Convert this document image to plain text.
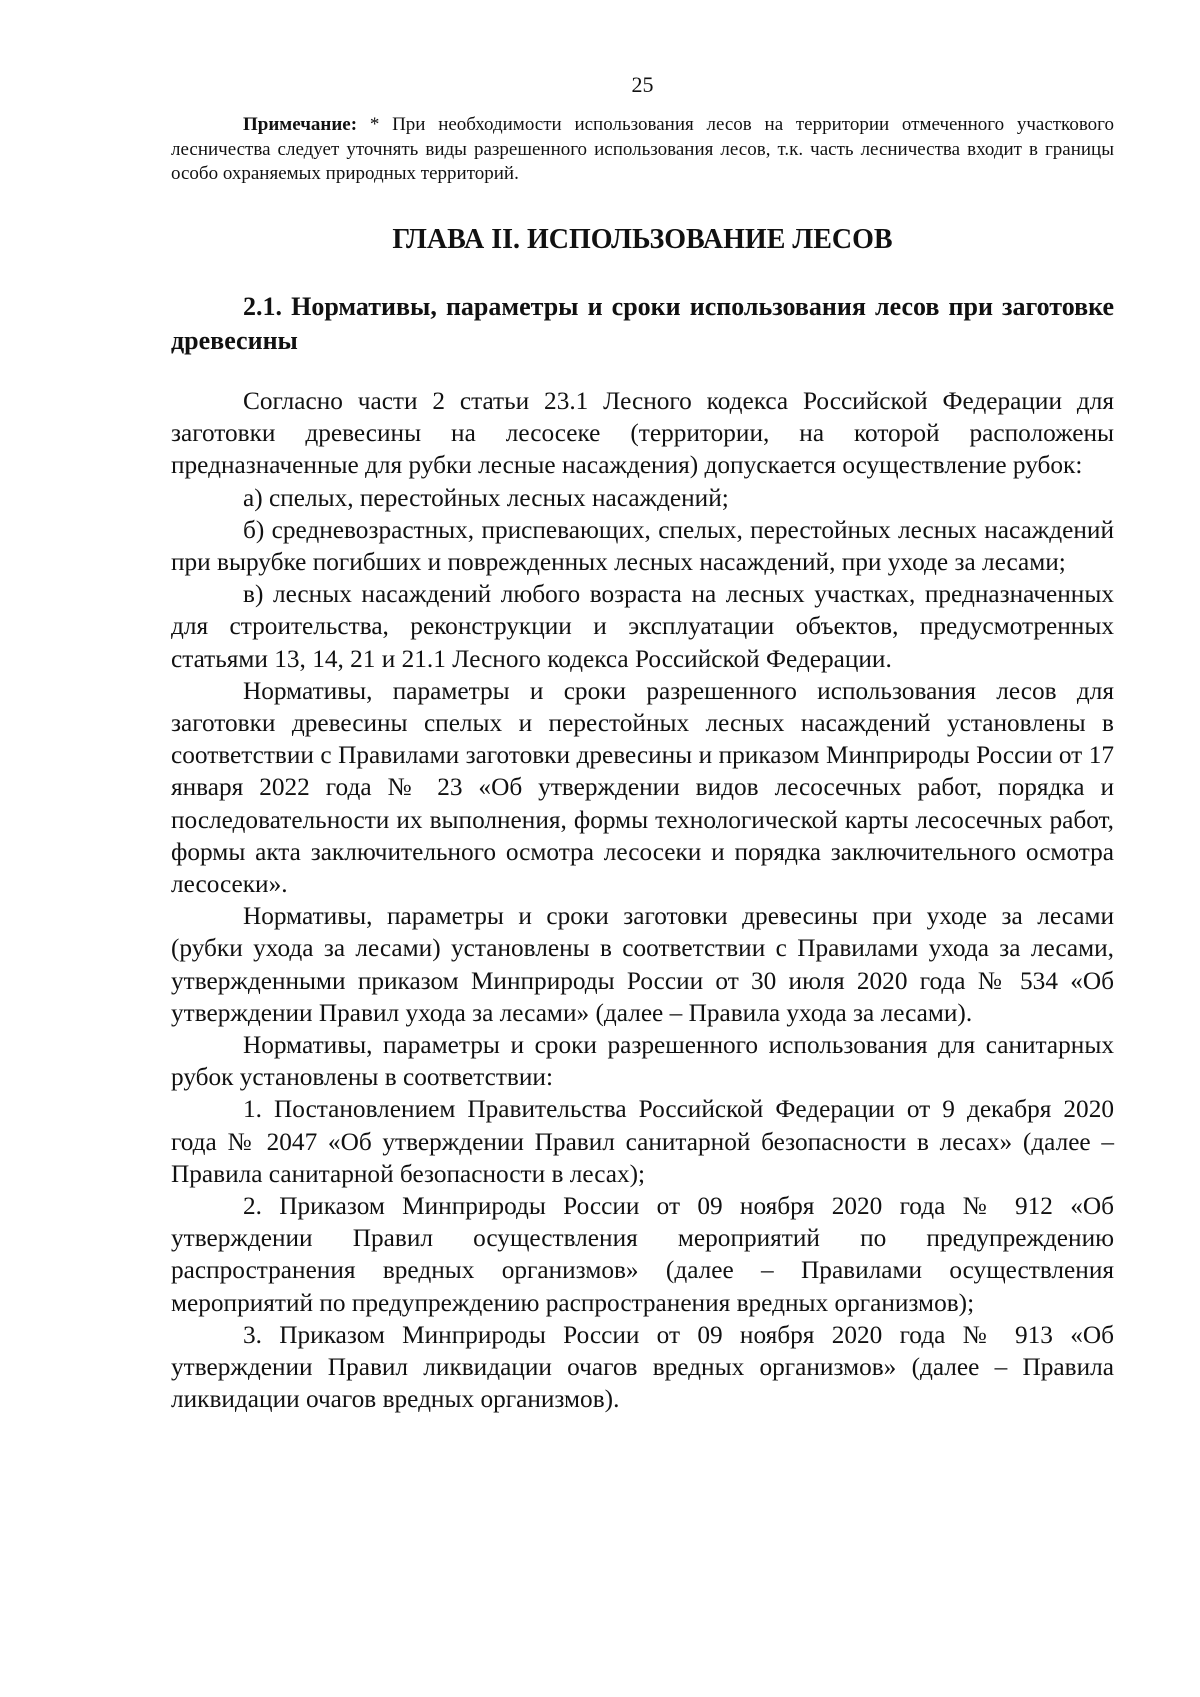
25
Примечание: * При необходимости использования лесов на территории отмеченного участкового лесничества следует уточнять виды разрешенного использования лесов, т.к. часть лесничества входит в границы особо охраняемых природных территорий.
ГЛАВА II. ИСПОЛЬЗОВАНИЕ ЛЕСОВ
2.1. Нормативы, параметры и сроки использования лесов при заготовке древесины

Согласно части 2 статьи 23.1 Лесного кодекса Российской Федерации для заготовки древесины на лесосеке (территории, на которой расположены предназначенные для рубки лесные насаждения) допускается осуществление рубок:

а) спелых, перестойных лесных насаждений;

б) средневозрастных, приспевающих, спелых, перестойных лесных насаждений при вырубке погибших и поврежденных лесных насаждений, при уходе за лесами;

в) лесных насаждений любого возраста на лесных участках, предназначенных для строительства, реконструкции и эксплуатации объектов, предусмотренных статьями 13, 14, 21 и 21.1 Лесного кодекса Российской Федерации.

Нормативы, параметры и сроки разрешенного использования лесов для заготовки древесины спелых и перестойных лесных насаждений установлены в соответствии с Правилами заготовки древесины и приказом Минприроды России от 17 января 2022 года № 23 «Об утверждении видов лесосечных работ, порядка и последовательности их выполнения, формы технологической карты лесосечных работ, формы акта заключительного осмотра лесосеки и порядка заключительного осмотра лесосеки».

Нормативы, параметры и сроки заготовки древесины при уходе за лесами (рубки ухода за лесами) установлены в соответствии с Правилами ухода за лесами, утвержденными приказом Минприроды России от 30 июля 2020 года № 534 «Об утверждении Правил ухода за лесами» (далее – Правила ухода за лесами).

Нормативы, параметры и сроки разрешенного использования для санитарных рубок установлены в соответствии:

1. Постановлением Правительства Российской Федерации от 9 декабря 2020 года № 2047 «Об утверждении Правил санитарной безопасности в лесах» (далее – Правила санитарной безопасности в лесах);

2. Приказом Минприроды России от 09 ноября 2020 года № 912 «Об утверждении Правил осуществления мероприятий по предупреждению распространения вредных организмов» (далее – Правилами осуществления мероприятий по предупреждению распространения вредных организмов);

3. Приказом Минприроды России от 09 ноября 2020 года № 913 «Об утверждении Правил ликвидации очагов вредных организмов» (далее – Правила ликвидации очагов вредных организмов).
